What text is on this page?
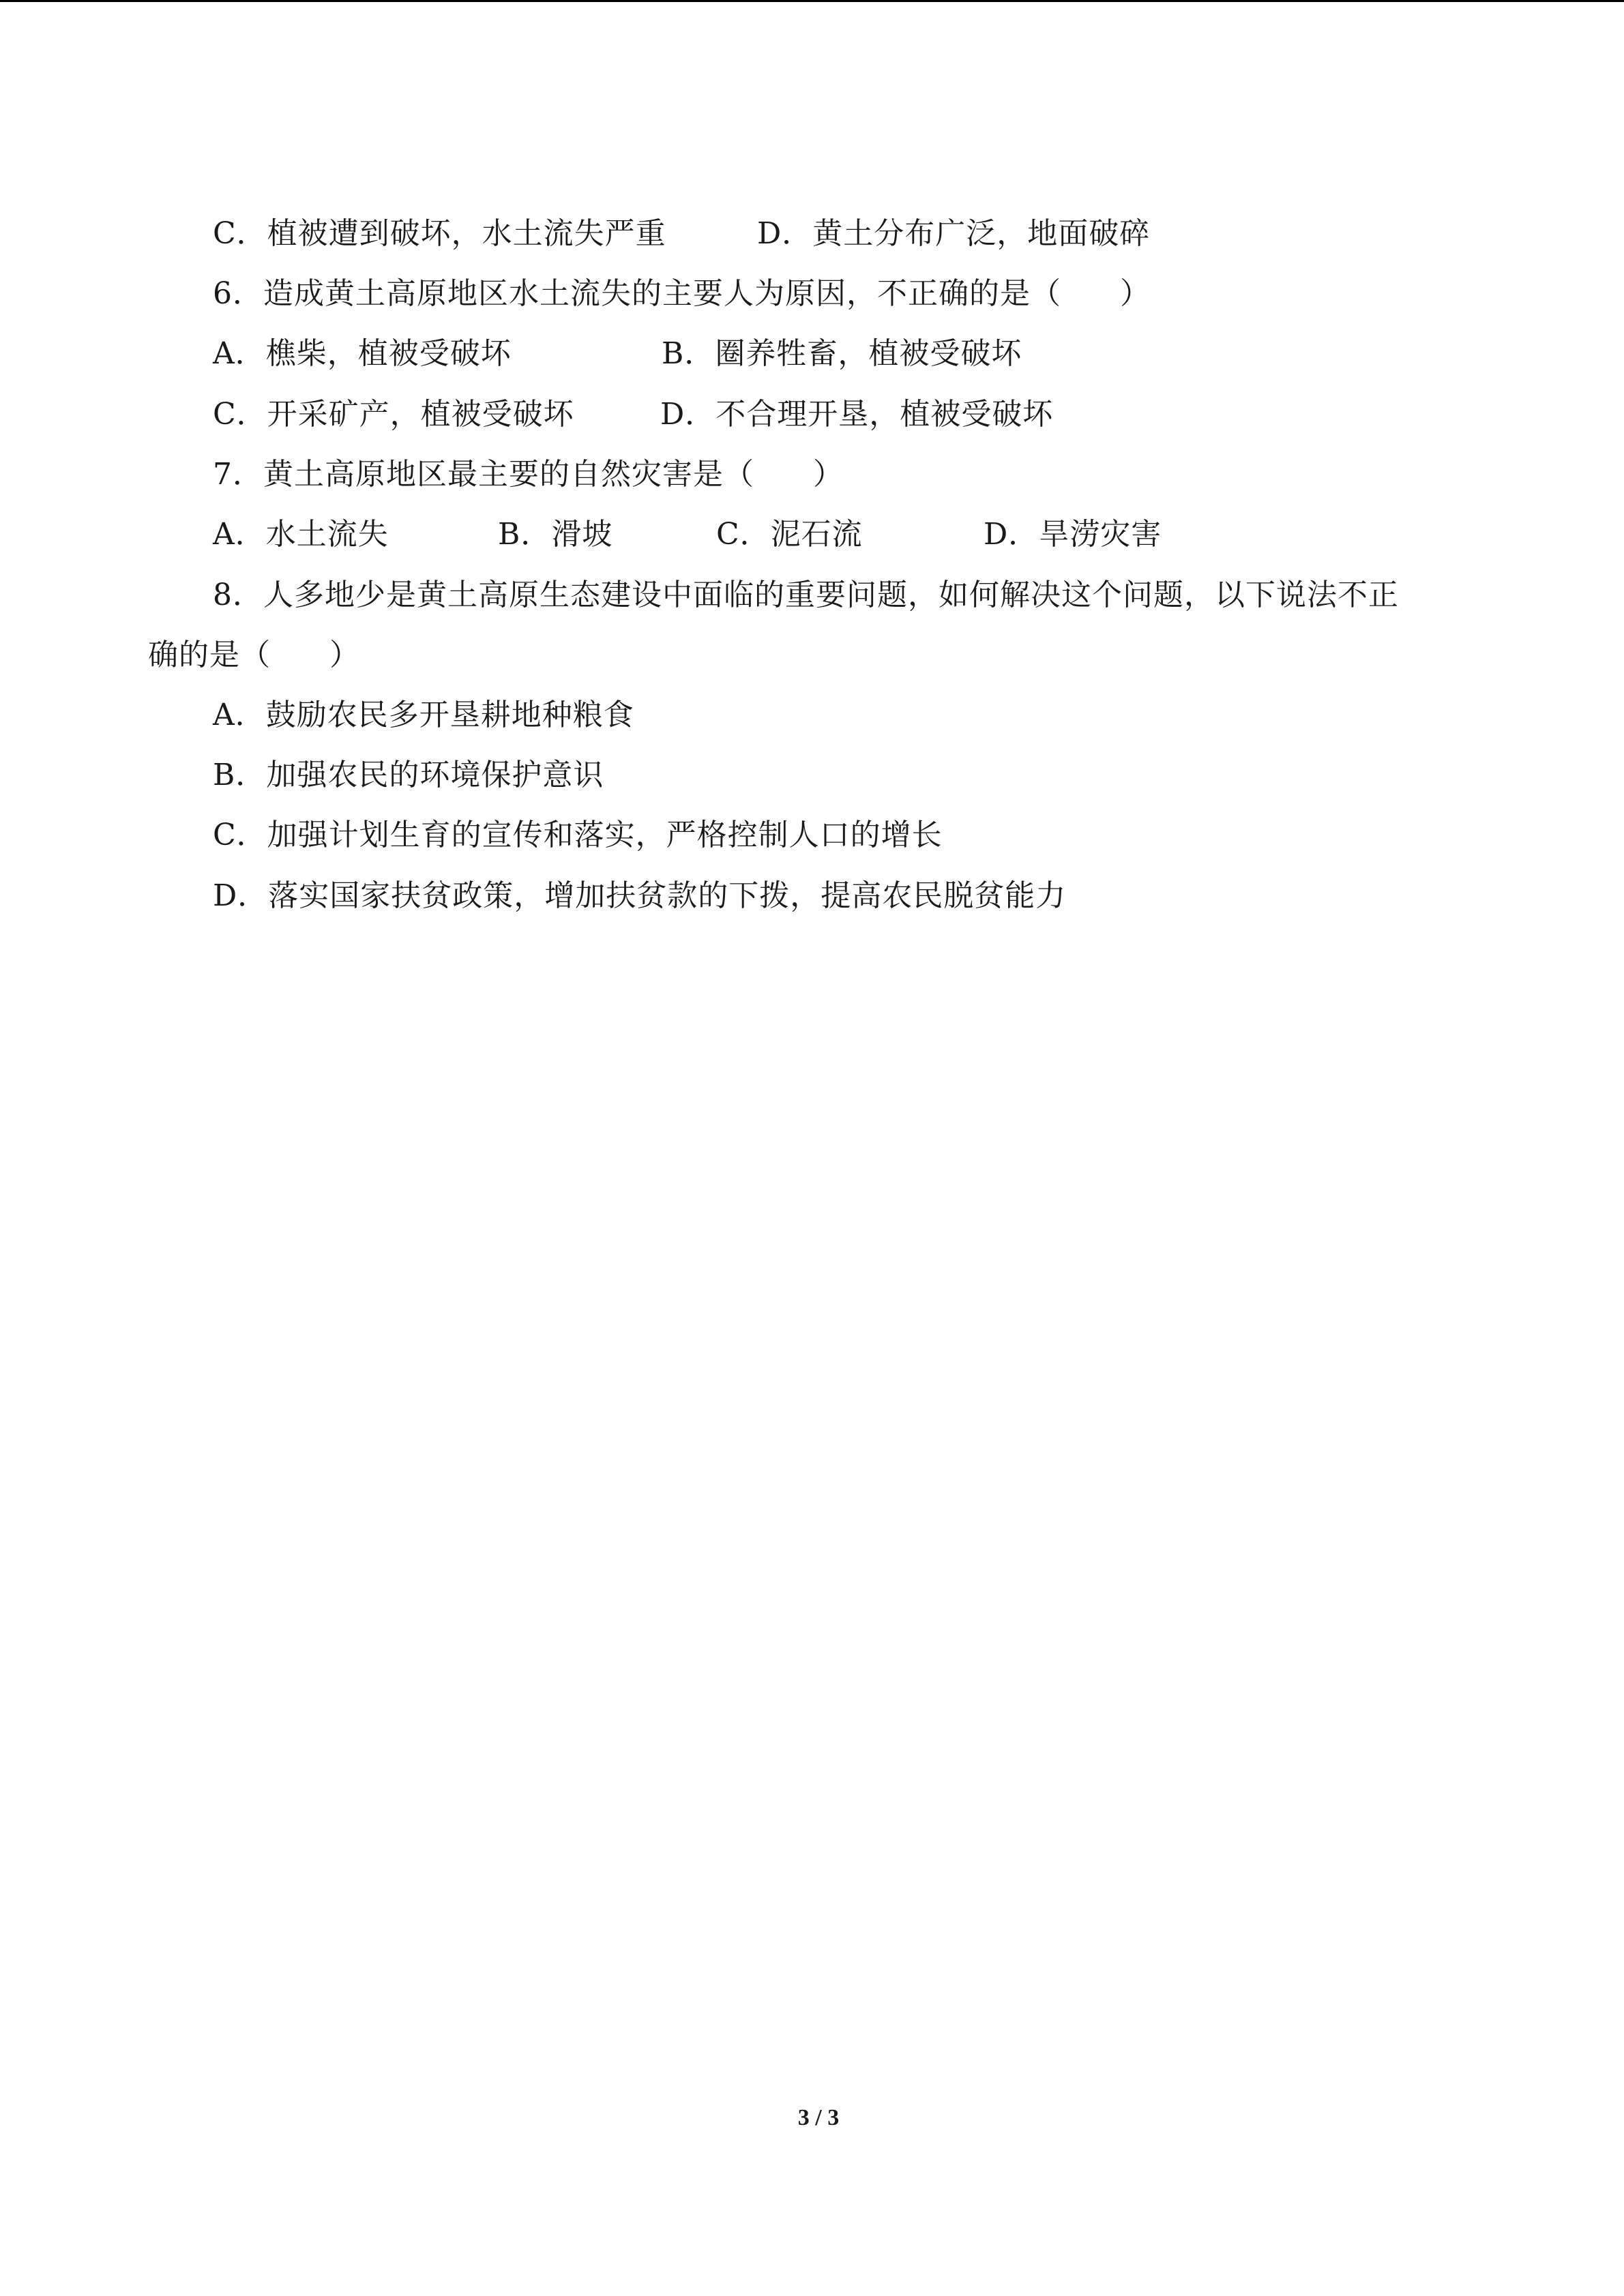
C．植被遭到破坏，水土流失严重	D．黄土分布广泛，地面破碎
6．造成黄土高原地区水土流失的主要人为原因，不正确的是（ ）
A．樵柴，植被受破坏	B．圈养牲畜，植被受破坏
C．开采矿产，植被受破坏	D．不合理开垦，植被受破坏
7．黄土高原地区最主要的自然灾害是（ ）
A．水土流失	B．滑坡	C．泥石流	D．旱涝灾害
8．人多地少是黄土高原生态建设中面临的重要问题，如何解决这个问题，以下说法不正
确的是（ ）
A．鼓励农民多开垦耕地种粮食
B．加强农民的环境保护意识
C．加强计划生育的宣传和落实，严格控制人口的增长
D．落实国家扶贫政策，增加扶贫款的下拨，提高农民脱贫能力
3 / 3
